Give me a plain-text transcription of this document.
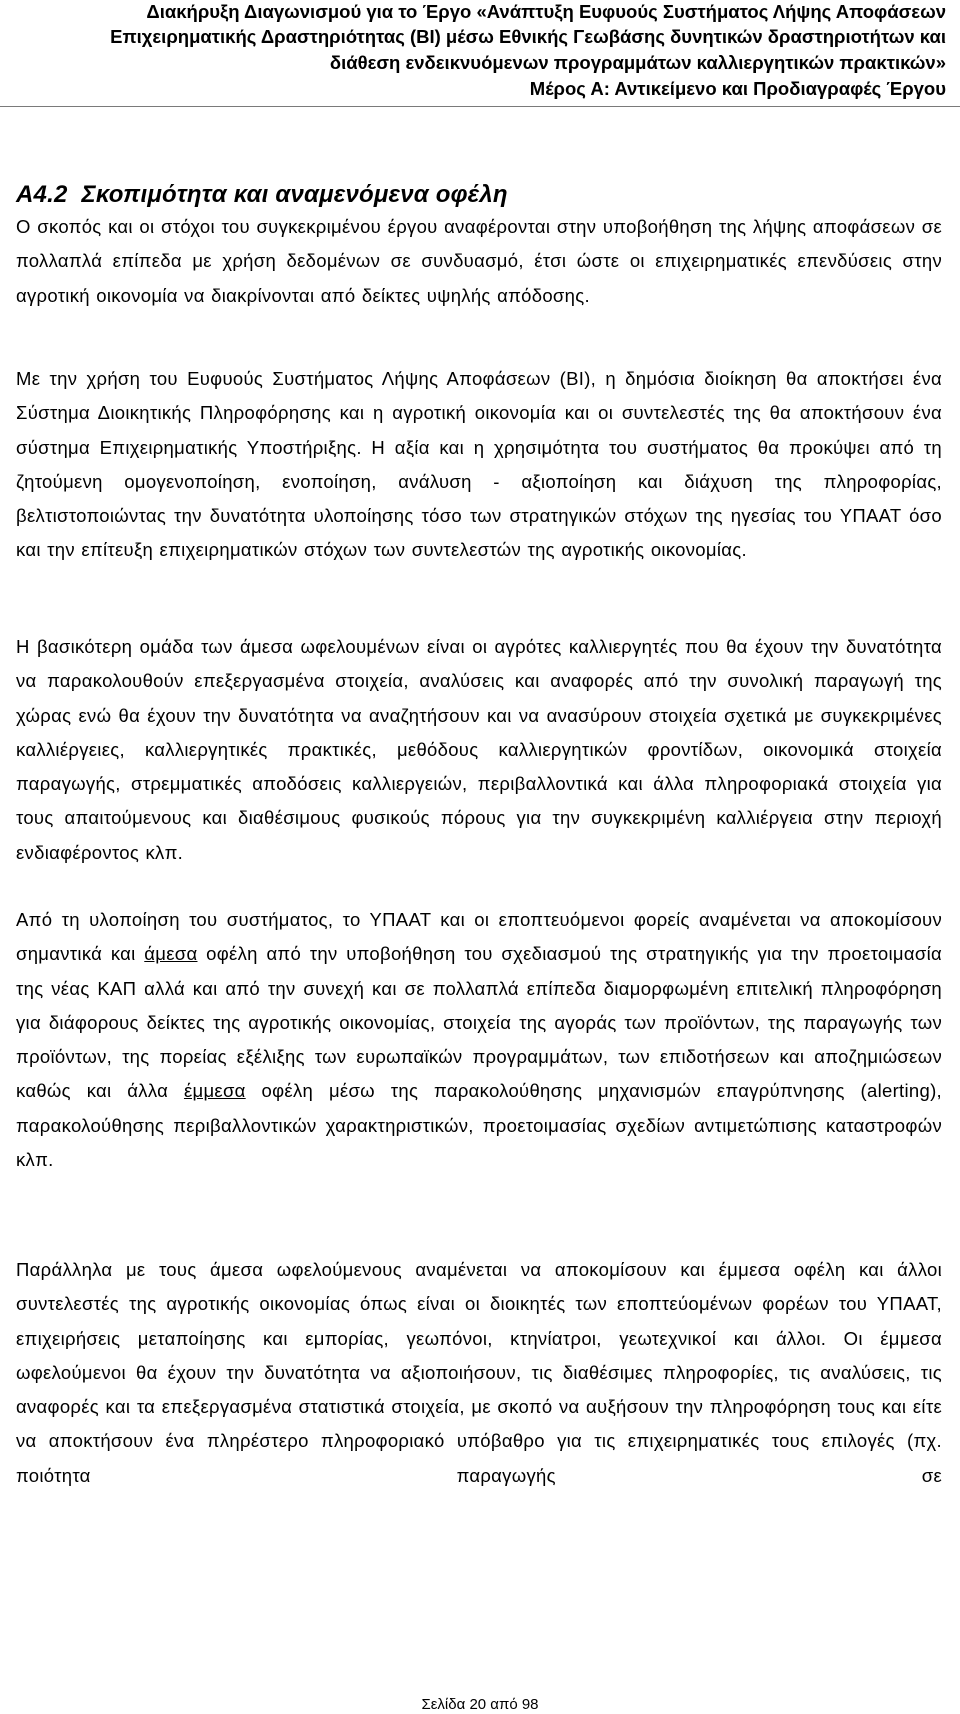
Διακήρυξη Διαγωνισμού για το Έργο «Ανάπτυξη Ευφυούς Συστήματος Λήψης Αποφάσεων
Επιχειρηματικής Δραστηριότητας (BI) μέσω Εθνικής Γεωβάσης δυνητικών δραστηριοτήτων και
διάθεση ενδεικνυόμενων προγραμμάτων καλλιεργητικών πρακτικών»
Μέρος Α: Αντικείμενο και Προδιαγραφές Έργου
Α4.2 Σκοπιμότητα και αναμενόμενα οφέλη

Ο σκοπός και οι στόχοι του συγκεκριμένου έργου αναφέρονται στην υποβοήθηση της λήψης αποφάσεων σε πολλαπλά επίπεδα με χρήση δεδομένων σε συνδυασμό, έτσι ώστε οι επιχειρηματικές επενδύσεις στην αγροτική οικονομία να διακρίνονται από δείκτες υψηλής απόδοσης.

Με την χρήση του Ευφυούς Συστήματος Λήψης Αποφάσεων (BI), η δημόσια διοίκηση θα αποκτήσει ένα Σύστημα Διοικητικής Πληροφόρησης και η αγροτική οικονομία και οι συντελεστές της θα αποκτήσουν ένα σύστημα Επιχειρηματικής Υποστήριξης. Η αξία και η χρησιμότητα του συστήματος θα προκύψει από τη ζητούμενη ομογενοποίηση, ενοποίηση, ανάλυση - αξιοποίηση και διάχυση της πληροφορίας, βελτιστοποιώντας την δυνατότητα υλοποίησης τόσο των στρατηγικών στόχων της ηγεσίας του ΥΠΑΑΤ όσο και την επίτευξη επιχειρηματικών στόχων των συντελεστών της αγροτικής οικονομίας.

Η βασικότερη ομάδα των άμεσα ωφελουμένων είναι οι αγρότες καλλιεργητές που θα έχουν την δυνατότητα να παρακολουθούν επεξεργασμένα στοιχεία, αναλύσεις και αναφορές από την συνολική παραγωγή της χώρας ενώ θα έχουν την δυνατότητα να αναζητήσουν και να ανασύρουν στοιχεία σχετικά με συγκεκριμένες καλλιέργειες, καλλιεργητικές πρακτικές, μεθόδους καλλιεργητικών φροντίδων, οικονομικά στοιχεία παραγωγής, στρεμματικές αποδόσεις καλλιεργειών, περιβαλλοντικά και άλλα πληροφοριακά στοιχεία για τους απαιτούμενους και διαθέσιμους φυσικούς πόρους για την συγκεκριμένη καλλιέργεια στην περιοχή ενδιαφέροντος κλπ.

Από τη υλοποίηση του συστήματος, το ΥΠΑΑΤ και οι εποπτευόμενοι φορείς αναμένεται να αποκομίσουν σημαντικά και άμεσα οφέλη από την υποβοήθηση του σχεδιασμού της στρατηγικής για την προετοιμασία της νέας ΚΑΠ αλλά και από την συνεχή και σε πολλαπλά επίπεδα διαμορφωμένη επιτελική πληροφόρηση για διάφορους δείκτες της αγροτικής οικονομίας, στοιχεία της αγοράς των προϊόντων, της παραγωγής των προϊόντων, της πορείας εξέλιξης των ευρωπαϊκών προγραμμάτων, των επιδοτήσεων και αποζημιώσεων καθώς και άλλα έμμεσα οφέλη μέσω της παρακολούθησης μηχανισμών επαγρύπνησης (alerting), παρακολούθησης περιβαλλοντικών χαρακτηριστικών, προετοιμασίας σχεδίων αντιμετώπισης καταστροφών κλπ.

Παράλληλα με τους άμεσα ωφελούμενους αναμένεται να αποκομίσουν και έμμεσα οφέλη και άλλοι συντελεστές της αγροτικής οικονομίας όπως είναι οι διοικητές των εποπτεύομένων φορέων του ΥΠΑΑΤ, επιχειρήσεις μεταποίησης και εμπορίας, γεωπόνοι, κτηνίατροι, γεωτεχνικοί και άλλοι. Οι έμμεσα ωφελούμενοι θα έχουν την δυνατότητα να αξιοποιήσουν, τις διαθέσιμες πληροφορίες, τις αναλύσεις, τις αναφορές και τα επεξεργασμένα στατιστικά στοιχεία, με σκοπό να αυξήσουν την πληροφόρηση τους και είτε να αποκτήσουν ένα πληρέστερο πληροφοριακό υπόβαθρο για τις επιχειρηματικές τους επιλογές (πχ. ποιότητα παραγωγής σε

Σελίδα 20 από 98
